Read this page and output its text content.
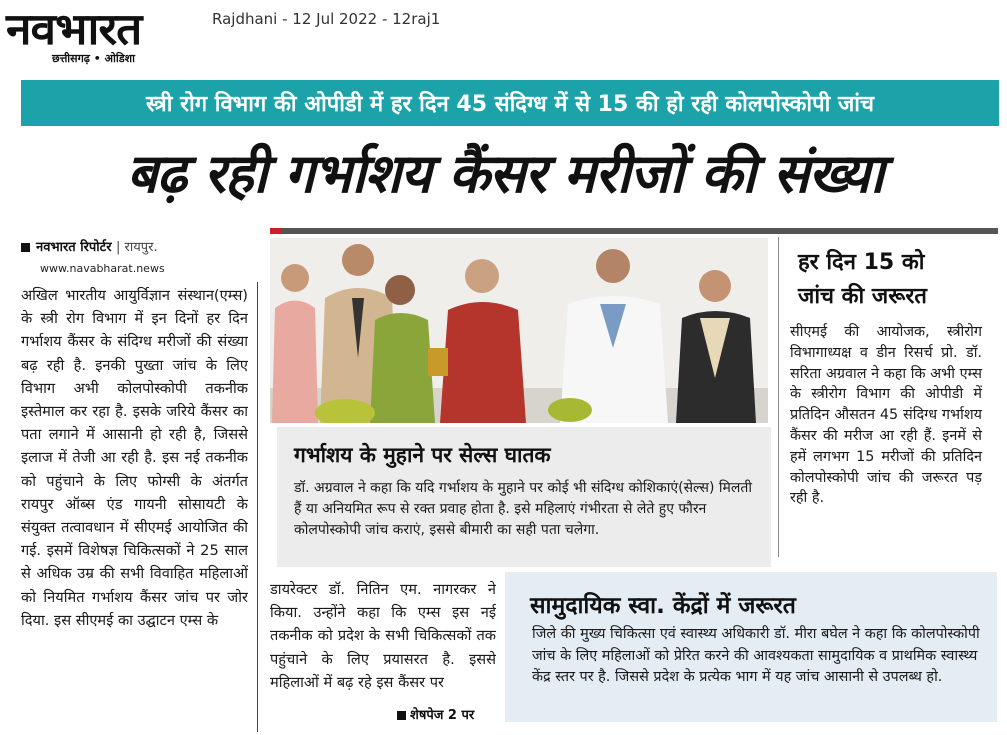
नवभारत
छत्तीसगढ़ • ओडिशा
Rajdhani - 12 Jul 2022 - 12raj1
स्त्री रोग विभाग की ओपीडी में हर दिन 45 संदिग्ध में से 15 की हो रही कोलपोस्कोपी जांच
बढ़ रही गर्भाशय कैंसर मरीजों की संख्या
नवभारत रिपोर्टर | रायपुर.
www.navabharat.news
अखिल भारतीय आयुर्विज्ञान संस्थान(एम्स) के स्त्री रोग विभाग में इन दिनों हर दिन गर्भाशय कैंसर के संदिग्ध मरीजों की संख्या बढ़ रही है. इनकी पुख्ता जांच के लिए विभाग अभी कोलपोस्कोपी तकनीक इस्तेमाल कर रहा है. इसके जरिये कैंसर का पता लगाने में आसानी हो रही है, जिससे इलाज में तेजी आ रही है. इस नई तकनीक को पहुंचाने के लिए फोग्सी के अंतर्गत रायपुर ऑब्स एंड गायनी सोसायटी के संयुक्त तत्वावधान में सीएमई आयोजित की गई. इसमें विशेषज्ञ चिकित्सकों ने 25 साल से अधिक उम्र की सभी विवाहित महिलाओं को नियमित गर्भाशय कैंसर जांच पर जोर दिया. इस सीएमई का उद्घाटन एम्स के
हर दिन 15 को
जांच की जरूरत
सीएमई की आयोजक, स्त्रीरोग विभागाध्यक्ष व डीन रिसर्च प्रो. डॉ. सरिता अग्रवाल ने कहा कि अभी एम्स के स्त्रीरोग विभाग की ओपीडी में प्रतिदिन औसतन 45 संदिग्ध गर्भाशय कैंसर की मरीज आ रही हैं. इनमें से हमें लगभग 15 मरीजों की प्रतिदिन कोलपोस्कोपी जांच की जरूरत पड़ रही है.
गर्भाशय के मुहाने पर सेल्स घातक
डॉ. अग्रवाल ने कहा कि यदि गर्भाशय के मुहाने पर कोई भी संदिग्ध कोशिकाएं(सेल्स) मिलती हैं या अनियमित रूप से रक्त प्रवाह होता है. इसे महिलाएं गंभीरता से लेते हुए फौरन कोलपोस्कोपी जांच कराएं, इससे बीमारी का सही पता चलेगा.
डायरेक्टर डॉ. नितिन एम. नागरकर ने किया. उन्होंने कहा कि एम्स इस नई तकनीक को प्रदेश के सभी चिकित्सकों तक पहुंचाने के लिए प्रयासरत है. इससे महिलाओं में बढ़ रहे इस कैंसर पर
शेषपेज 2 पर
सामुदायिक स्वा. केंद्रों में जरूरत
जिले की मुख्य चिकित्सा एवं स्वास्थ्य अधिकारी डॉ. मीरा बघेल ने कहा कि कोलपोस्कोपी जांच के लिए महिलाओं को प्रेरित करने की आवश्यकता सामुदायिक व प्राथमिक स्वास्थ्य केंद्र स्तर पर है. जिससे प्रदेश के प्रत्येक भाग में यह जांच आसानी से उपलब्ध हो.
